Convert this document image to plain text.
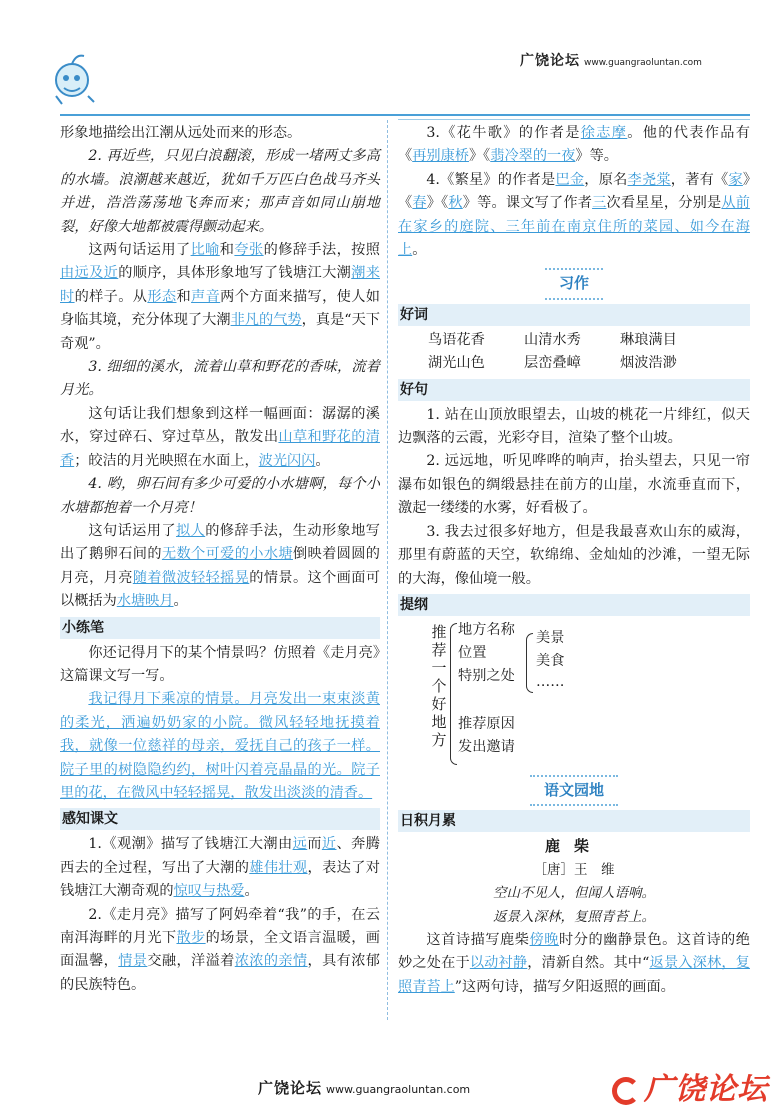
广饶论坛 www.guangraoluntan.com

形象地描绘出江潮从远处而来的形态。

2. 再近些，只见白浪翻滚，形成一堵两丈多高的水墙。浪潮越来越近，犹如千万匹白色战马齐头并进，浩浩荡荡地飞奔而来；那声音如同山崩地裂，好像大地都被震得颤动起来。

这两句话运用了比喻和夸张的修辞手法，按照由远及近的顺序，具体形象地写了钱塘江大潮潮来时的样子。从形态和声音两个方面来描写，使人如身临其境，充分体现了大潮非凡的气势，真是“天下奇观”。

3. 细细的溪水，流着山草和野花的香味，流着月光。

这句话让我们想象到这样一幅画面：潺潺的溪水，穿过碎石、穿过草丛，散发出山草和野花的清香；皎洁的月光映照在水面上，波光闪闪。

4. 哟，卵石间有多少可爱的小水塘啊，每个小水塘都抱着一个月亮！

这句话运用了拟人的修辞手法，生动形象地写出了鹅卵石间的无数个可爱的小水塘倒映着圆圆的月亮，月亮随着微波轻轻摇晃的情景。这个画面可以概括为水塘映月。

小练笔

你还记得月下的某个情景吗？仿照着《走月亮》这篇课文写一写。

我记得月下乘凉的情景。月亮发出一束束淡黄的柔光，洒遍奶奶家的小院。微风轻轻地抚摸着我，就像一位慈祥的母亲，爱抚自己的孩子一样。院子里的树隐隐约约，树叶闪着亮晶晶的光。院子里的花，在微风中轻轻摇晃，散发出淡淡的清香。

感知课文

1.《观潮》描写了钱塘江大潮由远而近、奔腾西去的全过程，写出了大潮的雄伟壮观，表达了对钱塘江大潮奇观的惊叹与热爱。

2.《走月亮》描写了阿妈牵着“我”的手，在云南洱海畔的月光下散步的场景，全文语言温暖，画面温馨，情景交融，洋溢着浓浓的亲情，具有浓郁的民族特色。

3.《花牛歌》的作者是徐志摩。他的代表作品有《再别康桥》《翡冷翠的一夜》等。

4.《繁星》的作者是巴金，原名李尧棠，著有《家》《春》《秋》等。课文写了作者三次看星星，分别是从前在家乡的庭院、三年前在南京住所的菜园、如今在海上。

习作
好词
鸟语花香	山清水秀	琳琅满目
湖光山色	层峦叠嶂	烟波浩渺
好句

1. 站在山顶放眼望去，山坡的桃花一片绯红，似天边飘落的云霞，光彩夺目，渲染了整个山坡。

2. 远远地，听见哗哗的响声，抬头望去，只见一帘瀑布如银色的绸缎悬挂在前方的山崖，水流垂直而下，激起一缕缕的水雾，好看极了。

3. 我去过很多好地方，但是我最喜欢山东的威海，那里有蔚蓝的天空，软绵绵、金灿灿的沙滩，一望无际的大海，像仙境一般。

提纲
推荐一个好地方
地方名称
位置
特别之处
美景
美食
……
推荐原因
发出邀请
语文园地
日积月累
鹿柴
［唐］王　维
空山不见人，但闻人语响。
返景入深林，复照青苔上。

这首诗描写鹿柴傍晚时分的幽静景色。这首诗的绝妙之处在于以动衬静，清新自然。其中“返景入深林，复照青苔上”这两句诗，描写夕阳返照的画面。

广饶论坛 www.guangraoluntan.com	广饶论坛
